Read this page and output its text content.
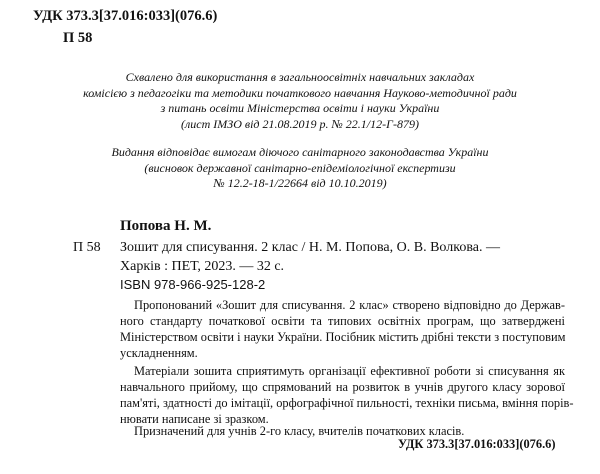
УДК 373.3[37.016:033](076.6)
П 58
Схвалено для використання в загальноосвітніх навчальних закладах
комісією з педагогіки та методики початкового навчання Науково-методичної ради
з питань освіти Міністерства освіти і науки України
(лист ІМЗО від 21.08.2019 р. № 22.1/12-Г-879)
Видання відповідає вимогам діючого санітарного законодавства України
(висновок державної санітарно-епідеміологічної експертизи
№ 12.2-18-1/22664 від 10.10.2019)
Попова Н. М.
П 58 Зошит для списування. 2 клас / Н. М. Попова, О. В. Волкова. —
Харків : ПЕТ, 2023. — 32 с.
ISBN 978-966-925-128-2
Пропонований «Зошит для списування. 2 клас» створено відповідно до Держав-
ного стандарту початкової освіти та типових освітніх програм, що затверджені
Міністерством освіти і науки України. Посібник містить дрібні тексти з поступовим
ускладненням.
Матеріали зошита сприятимуть організації ефективної роботи зі списування як
навчального прийому, що спрямований на розвиток в учнів другого класу зорової
пам'яті, здатності до імітації, орфографічної пильності, техніки письма, вміння порів-
нювати написане зі зразком.
Призначений для учнів 2-го класу, вчителів початкових класів.
УДК 373.3[37.016:033](076.6)
